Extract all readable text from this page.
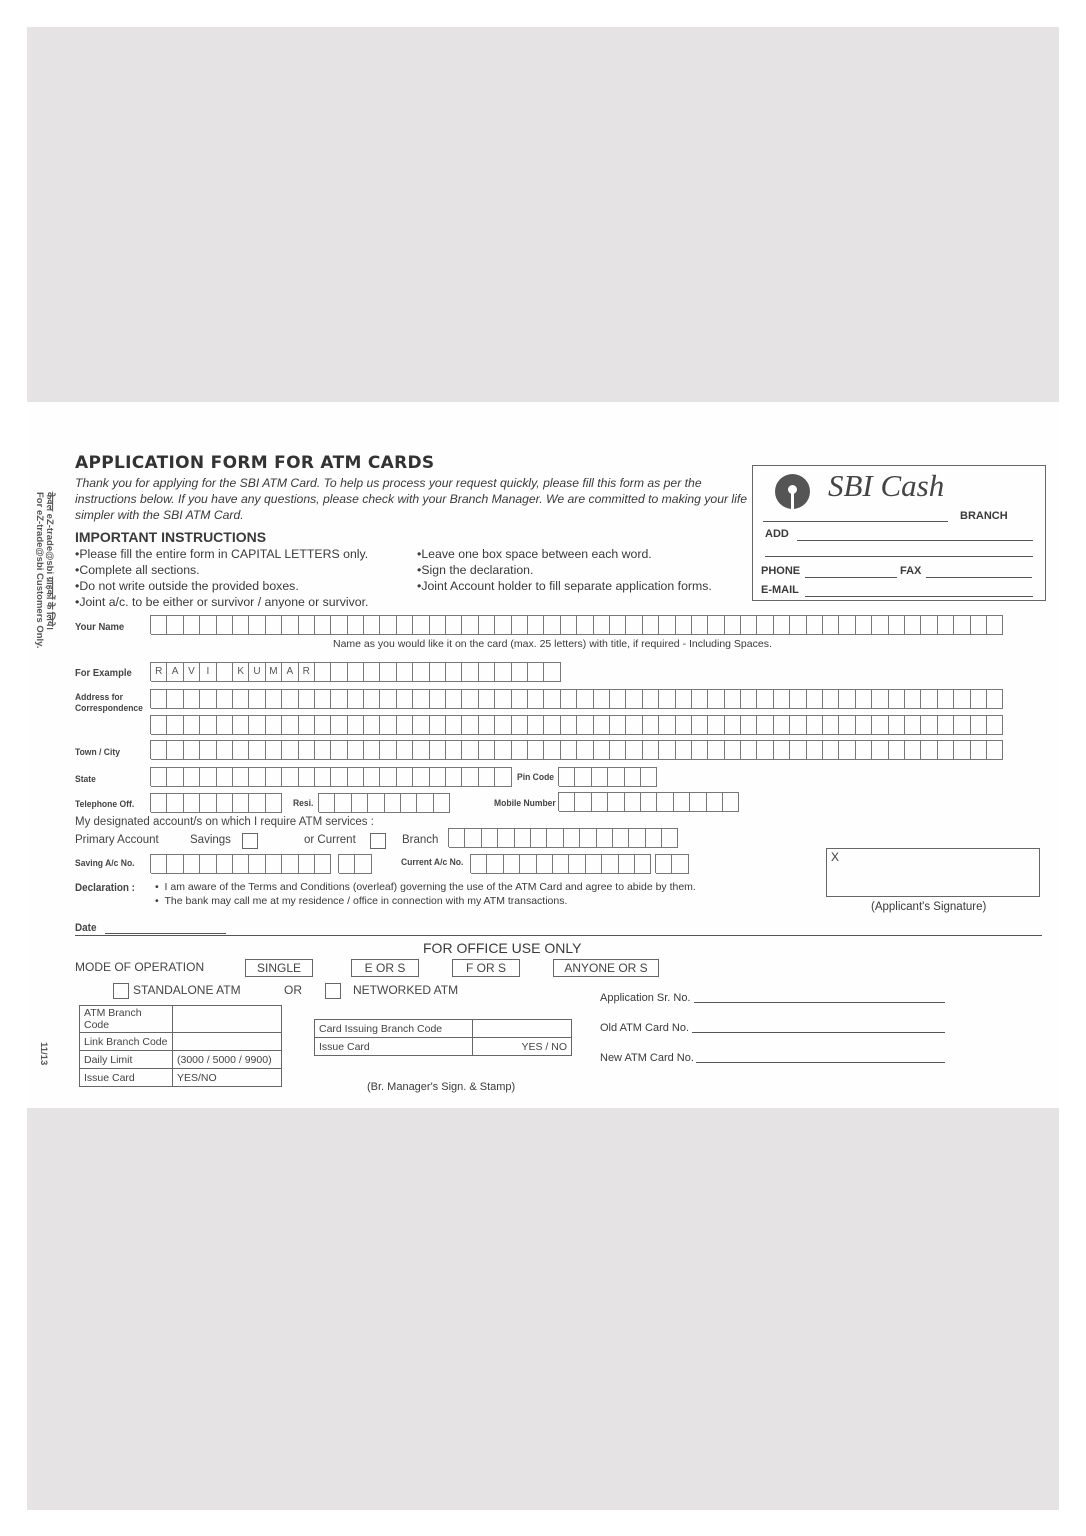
केवल eZ-trade@sbi ग्राहकों के लिये।
For eZ-trade@sbi Customers Only.
11/13
APPLICATION FORM FOR ATM CARDS
Thank you for applying for the SBI ATM Card. To help us process your request quickly, please fill this form as per the instructions below. If you have any questions, please check with your Branch Manager. We are committed to making your life simpler with the SBI ATM Card.
IMPORTANT INSTRUCTIONS
• Please fill the entire form in CAPITAL LETTERS only.
• Complete all sections.
• Do not write outside the provided boxes.
• Joint a/c. to be either or survivor / anyone or survivor.
• Leave one box space between each word.
• Sign the declaration.
• Joint Account holder to fill separate application forms.
SBI Cash
BRANCH
ADD
PHONE	FAX
E-MAIL
Your Name
Name as you would like it on the card (max. 25 letters) with title, if required - Including Spaces.
For Example	R A V	I	K U M A R
Address for
Correspondence
Town / City
State	Pin Code
Telephone Off.	Resi.	Mobile Number
My designated account/s on which I require ATM services :
Primary Account	Savings	or Current	Branch
Saving A/c No.	Current A/c No.	X
(Applicant's Signature)
Declaration : •  I am aware of the Terms and Conditions (overleaf) governing the use of the ATM Card and agree to abide by them.
•  The bank may call me at my residence / office in connection with my ATM transactions.
Date
FOR OFFICE USE ONLY
MODE OF OPERATION	SINGLE	E OR S	F OR S	ANYONE OR S
STANDALONE ATM	OR	NETWORKED ATM
ATM Branch Code	
Link Branch Code	
Daily Limit	(3000 / 5000 / 9900)
Issue Card	YES/NO
Card Issuing Branch Code	
Issue Card	YES / NO
(Br. Manager's Sign. & Stamp)
Application Sr. No.
Old ATM Card No.
New ATM Card No.
